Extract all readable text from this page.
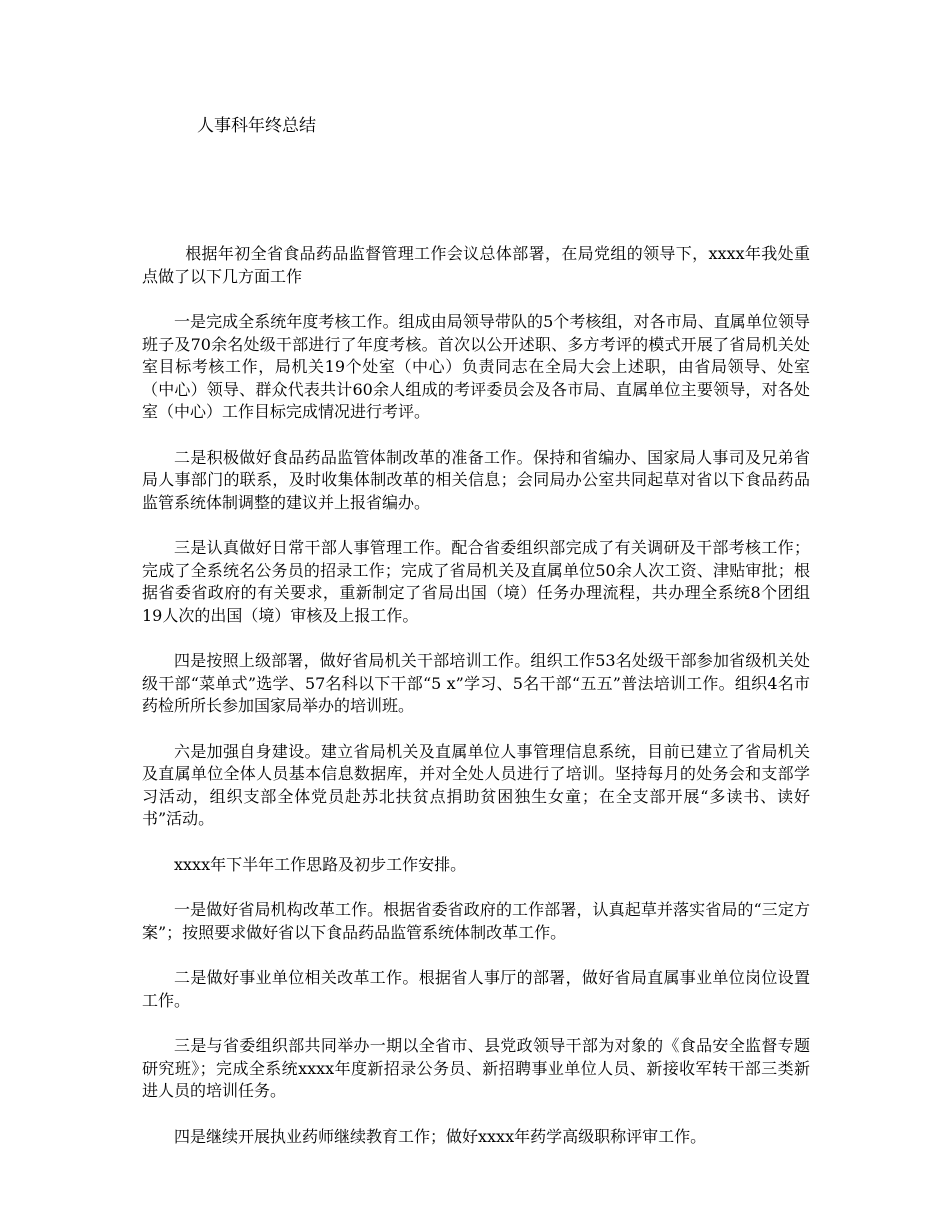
人事科年终总结

根据年初全省食品药品监督管理工作会议总体部署，在局党组的领导下，xxxx年我处重点做了以下几方面工作

一是完成全系统年度考核工作。组成由局领导带队的5个考核组，对各市局、直属单位领导班子及70余名处级干部进行了年度考核。首次以公开述职、多方考评的模式开展了省局机关处室目标考核工作，局机关19个处室（中心）负责同志在全局大会上述职，由省局领导、处室（中心）领导、群众代表共计60余人组成的考评委员会及各市局、直属单位主要领导，对各处室（中心）工作目标完成情况进行考评。

二是积极做好食品药品监管体制改革的准备工作。保持和省编办、国家局人事司及兄弟省局人事部门的联系，及时收集体制改革的相关信息；会同局办公室共同起草对省以下食品药品监管系统体制调整的建议并上报省编办。

三是认真做好日常干部人事管理工作。配合省委组织部完成了有关调研及干部考核工作；完成了全系统名公务员的招录工作；完成了省局机关及直属单位50余人次工资、津贴审批；根据省委省政府的有关要求，重新制定了省局出国（境）任务办理流程，共办理全系统8个团组19人次的出国（境）审核及上报工作。

四是按照上级部署，做好省局机关干部培训工作。组织工作53名处级干部参加省级机关处级干部“菜单式”选学、57名科以下干部“5 x”学习、5名干部“五五”普法培训工作。组织4名市药检所所长参加国家局举办的培训班。

六是加强自身建设。建立省局机关及直属单位人事管理信息系统，目前已建立了省局机关及直属单位全体人员基本信息数据库，并对全处人员进行了培训。坚持每月的处务会和支部学习活动，组织支部全体党员赴苏北扶贫点捐助贫困独生女童；在全支部开展“多读书、读好书”活动。

xxxx年下半年工作思路及初步工作安排。

一是做好省局机构改革工作。根据省委省政府的工作部署，认真起草并落实省局的“三定方案”；按照要求做好省以下食品药品监管系统体制改革工作。

二是做好事业单位相关改革工作。根据省人事厅的部署，做好省局直属事业单位岗位设置工作。

三是与省委组织部共同举办一期以全省市、县党政领导干部为对象的《食品安全监督专题研究班》；完成全系统xxxx年度新招录公务员、新招聘事业单位人员、新接收军转干部三类新进人员的培训任务。

四是继续开展执业药师继续教育工作；做好xxxx年药学高级职称评审工作。
